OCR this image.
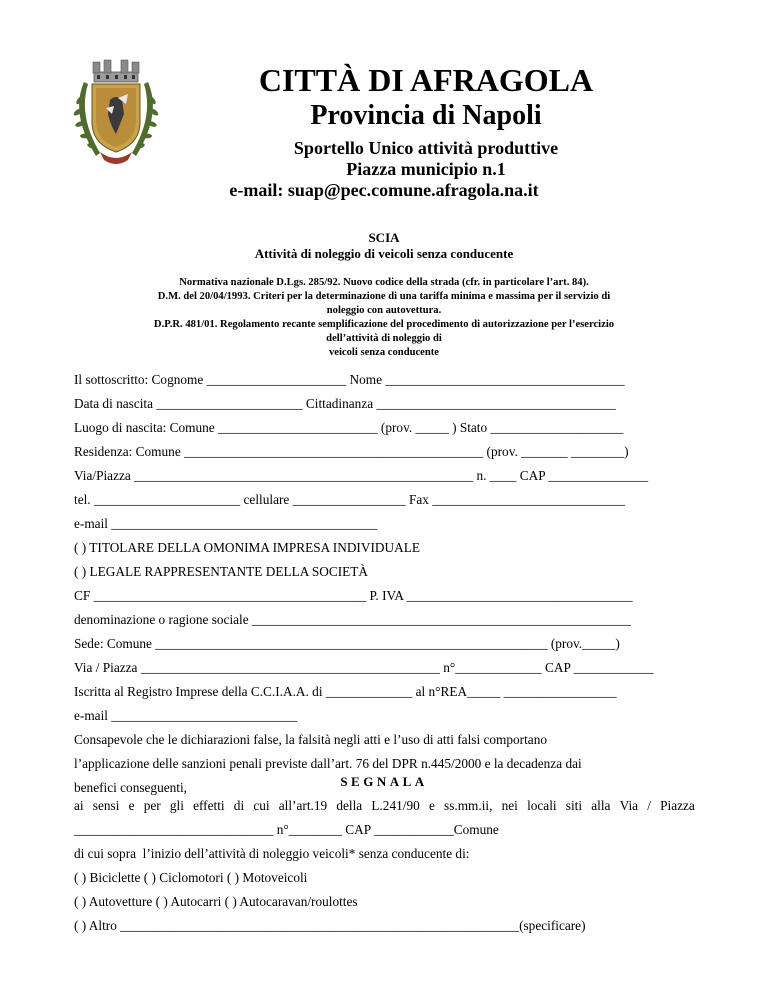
CITTÀ DI AFRAGOLA
Provincia di Napoli
Sportello Unico attività produttive
Piazza municipio n.1
e-mail: suap@pec.comune.afragola.na.it
SCIA
Attività di noleggio di veicoli senza conducente
Normativa nazionale D.Lgs. 285/92. Nuovo codice della strada (cfr. in particolare l’art. 84).
D.M. del 20/04/1993. Criteri per la determinazione di una tariffa minima e massima per il servizio di
noleggio con autovettura.
D.P.R. 481/01. Regolamento recante semplificazione del procedimento di autorizzazione per l’esercizio
dell’attività di noleggio di
veicoli senza conducente
Il sottoscritto: Cognome _____________________ Nome ____________________________________
Data di nascita ______________________ Cittadinanza ____________________________________
Luogo di nascita: Comune ________________________ (prov. _____ ) Stato ____________________
Residenza: Comune _____________________________________________ (prov. _______ ________)
Via/Piazza ___________________________________________________ n. ____ CAP _______________
tel. ______________________ cellulare _________________ Fax _____________________________
e-mail ________________________________________
( ) TITOLARE DELLA OMONIMA IMPRESA INDIVIDUALE
( ) LEGALE RAPPRESENTANTE DELLA SOCIETÀ
CF _________________________________________ P. IVA __________________________________
denominazione o ragione sociale _________________________________________________________
Sede: Comune ___________________________________________________________ (prov._____)
Via / Piazza _____________________________________________ n°_____________ CAP ____________
Iscritta al Registro Imprese della C.C.I.A.A. di _____________ al n°REA_____ _________________
e-mail ____________________________
Consapevole che le dichiarazioni false, la falsità negli atti e l’uso di atti falsi comportano
l’applicazione delle sanzioni penali previste dall’art. 76 del DPR n.445/2000 e la decadenza dai
benefici conseguenti,	SEGNALA
ai sensi e per gli effetti di cui all’art.19 della L.241/90 e ss.mm.ii, nei locali siti alla Via / Piazza
______________________________ n°________ CAP ____________Comune
di cui sopra  l’inizio dell’attività di noleggio veicoli* senza conducente di:
( ) Biciclette ( ) Ciclomotori ( ) Motoveicoli
( ) Autovetture ( ) Autocarri ( ) Autocaravan/roulottes
( ) Altro ____________________________________________________________(specificare)
